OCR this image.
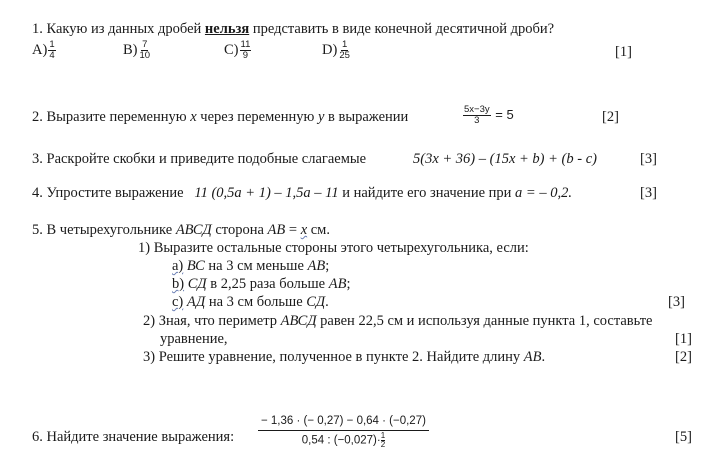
1. Какую из данных дробей нельзя представить в виде конечной десятичной дроби?
$A) \frac{1}{4}$	$B) \frac{7}{10}$	$C) \frac{11}{9}$	$D) \frac{1}{25}$	[1]
2. Выразите переменную x через переменную y в выражении	$\frac{5x-3y}{3} = 5$	[2]
3. Раскройте скобки и приведите подобные слагаемые	5(3x + 36) – (15x + b) + (b - c)	[3]
4. Упростите выражение 11 (0,5a + 1) – 1,5a – 11 и найдите его значение при a = – 0,2.	[3]
5. В четырехугольнике АВСД сторона АВ = x см.
1) Выразите остальные стороны этого четырехугольника, если:
a) ВС на 3 см меньше АВ;
b) СД в 2,25 раза больше АВ;
c) АД на 3 см больше СД.	[3]
2) Зная, что периметр АВСД равен 22,5 см и используя данные пункта 1, составьте
уравнение,	[1]
3) Решите уравнение, полученное в пункте 2. Найдите длину АВ.	[2]
6. Найдите значение выражения: $\frac{- 1,36 \cdot (- 0,27) - 0,64 \cdot (-0,27)}{0,54 : (-0,027)\cdot \frac{1}{2}}$	[5]
